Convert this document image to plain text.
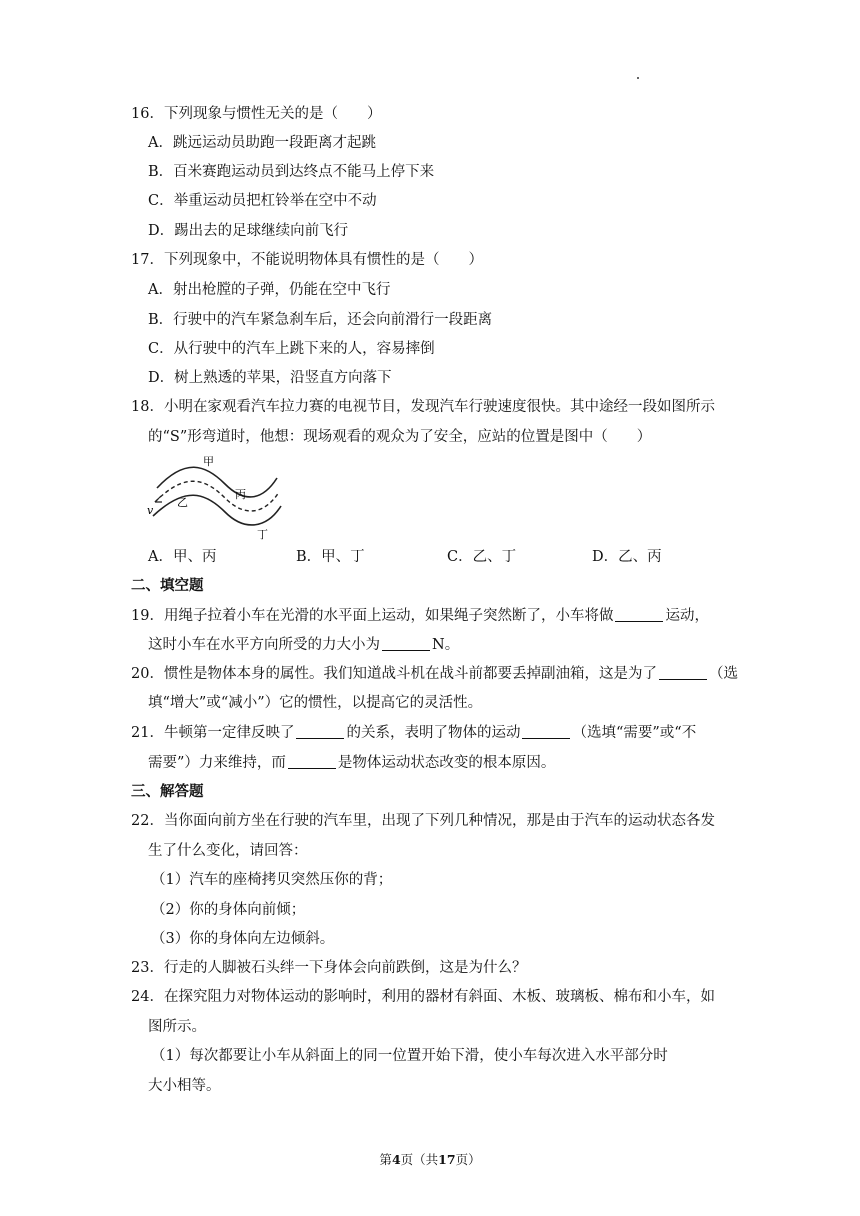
16．下列现象与惯性无关的是（　　）
A．跳远运动员助跑一段距离才起跳
B．百米赛跑运动员到达终点不能马上停下来
C．举重运动员把杠铃举在空中不动
D．踢出去的足球继续向前飞行
17．下列现象中，不能说明物体具有惯性的是（　　）
A．射出枪膛的子弹，仍能在空中飞行
B．行驶中的汽车紧急刹车后，还会向前滑行一段距离
C．从行驶中的汽车上跳下来的人，容易摔倒
D．树上熟透的苹果，沿竖直方向落下
18．小明在家观看汽车拉力赛的电视节目，发现汽车行驶速度很快。其中途经一段如图所示
的“S”形弯道时，他想：现场观看的观众为了安全，应站的位置是图中（　　）
甲
乙
丙
丁
v
A．甲、丙	B．甲、丁	C．乙、丁	D．乙、丙
二、填空题
19．用绳子拉着小车在光滑的水平面上运动，如果绳子突然断了，小车将做	运动，
这时小车在水平方向所受的力大小为	N。
20．惯性是物体本身的属性。我们知道战斗机在战斗前都要丢掉副油箱，这是为了	（选
填“增大”或“减小”）它的惯性，以提高它的灵活性。
21．牛顿第一定律反映了	的关系，表明了物体的运动	（选填“需要”或“不
需要”）力来维持，而	是物体运动状态改变的根本原因。
三、解答题
22．当你面向前方坐在行驶的汽车里，出现了下列几种情况，那是由于汽车的运动状态各发
生了什么变化，请回答：
（1）汽车的座椅拷贝突然压你的背；
（2）你的身体向前倾；
（3）你的身体向左边倾斜。
23．行走的人脚被石头绊一下身体会向前跌倒，这是为什么？
24．在探究阻力对物体运动的影响时，利用的器材有斜面、木板、玻璃板、棉布和小车，如
图所示。
（1）每次都要让小车从斜面上的同一位置开始下滑，使小车每次进入水平部分时
大小相等。
第4页（共17页）
